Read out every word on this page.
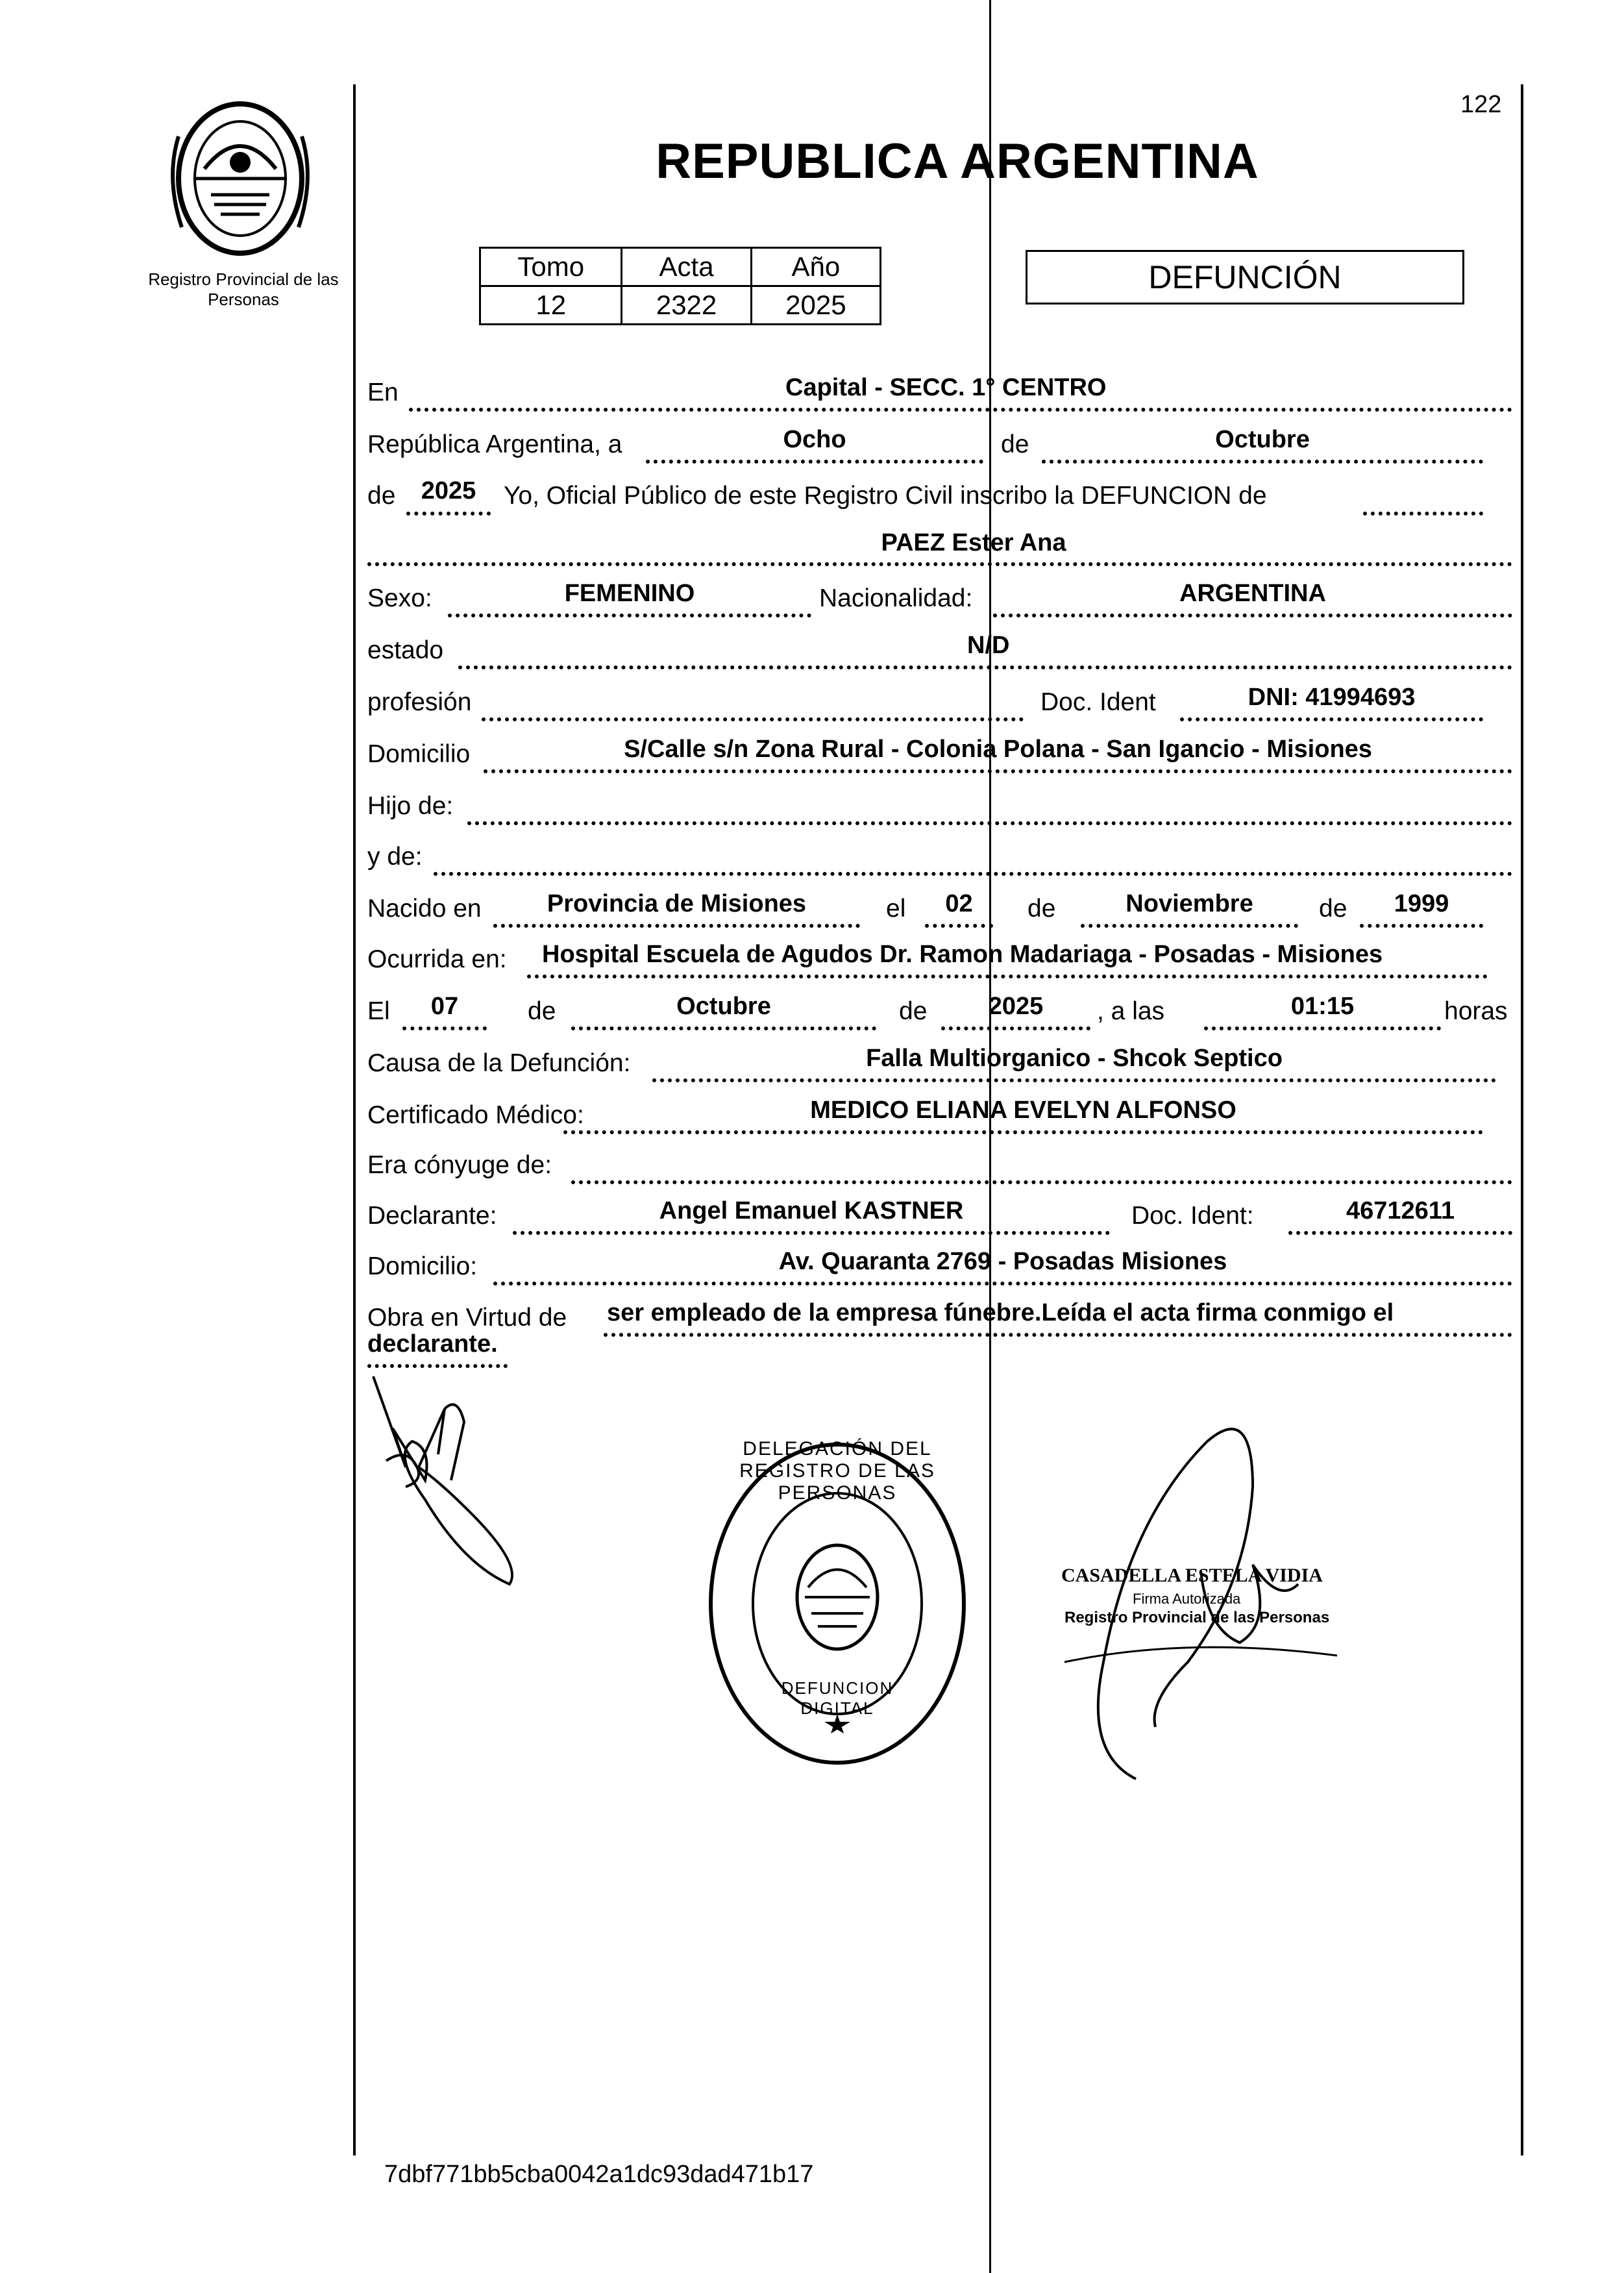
Registro Provincial de las Personas
122
REPUBLICA ARGENTINA
Tomo	Acta	Año
12	2322	2025
DEFUNCIÓN
En	Capital - SECC. 1° CENTRO
República Argentina, a	Ocho	de	Octubre
de	2025	Yo, Oficial Público de este Registro Civil inscribo la DEFUNCION de
PAEZ Ester Ana
Sexo:	FEMENINO	Nacionalidad:	ARGENTINA
estado	N/D
profesión	Doc. Ident	DNI: 41994693
Domicilio	S/Calle s/n Zona Rural - Colonia Polana - San Igancio - Misiones
Hijo de:
y de:
Nacido en	Provincia de Misiones	el	02	de	Noviembre	de	1999
Ocurrida en: Hospital Escuela de Agudos Dr. Ramon Madariaga - Posadas - Misiones
El	07	de	Octubre	de	2025	, a las	01:15	horas
Causa de la Defunción:	Falla Multiorganico - Shcok Septico
Certificado Médico:	MEDICO ELIANA EVELYN ALFONSO
Era cónyuge de:
Declarante:	Angel Emanuel KASTNER	Doc. Ident:	46712611
Domicilio:	Av. Quaranta 2769 - Posadas Misiones
Obra en Virtud de ser empleado de la empresa fúnebre.Leída el acta firma conmigo el
declarante.
DELEGACIÓN DEL REGISTRO DE LAS PERSONAS
DEFUNCION DIGITAL
CASADELLA ESTELA VIDIA
Firma Autorizada
Registro Provincial de las Personas
7dbf771bb5cba0042a1dc93dad471b17
